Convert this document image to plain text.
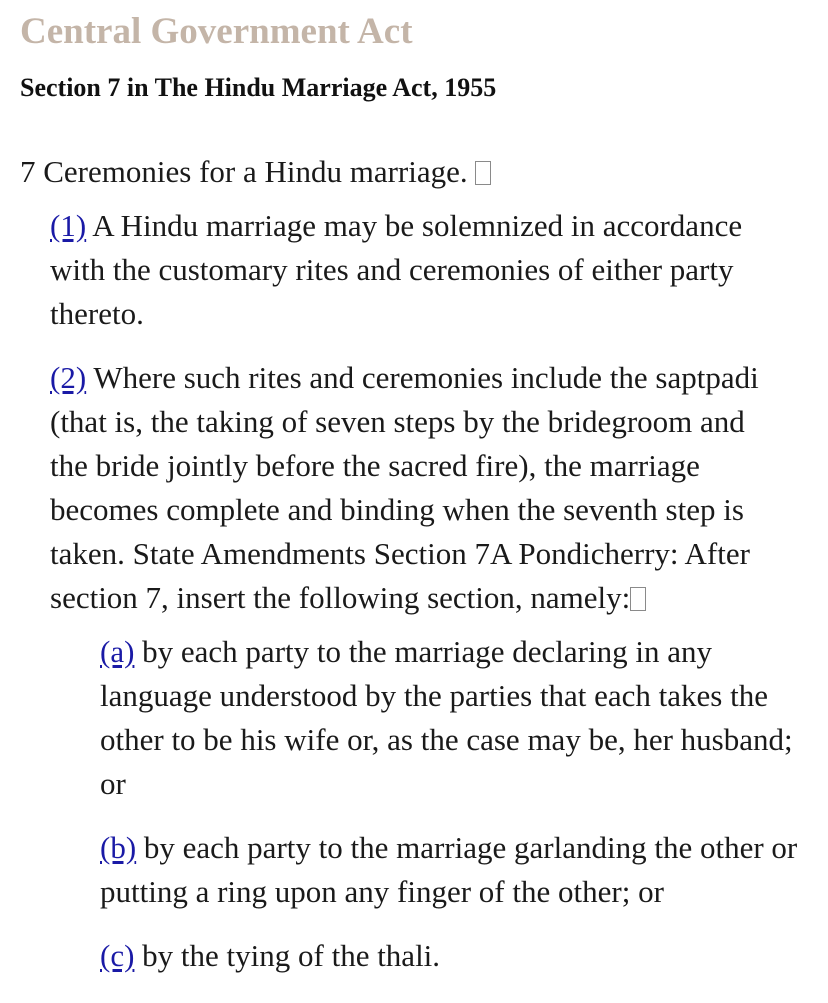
Central Government Act
Section 7 in The Hindu Marriage Act, 1955
7 Ceremonies for a Hindu marriage.
(1) A Hindu marriage may be solemnized in accordance with the customary rites and ceremonies of either party thereto.
(2) Where such rites and ceremonies include the saptpadi (that is, the taking of seven steps by the bridegroom and the bride jointly before the sacred fire), the marriage becomes complete and binding when the seventh step is taken. State Amendments Section 7A Pondicherry: After section 7, insert the following section, namely:
(a) by each party to the marriage declaring in any language understood by the parties that each takes the other to be his wife or, as the case may be, her husband; or
(b) by each party to the marriage garlanding the other or putting a ring upon any finger of the other; or
(c) by the tying of the thali.
